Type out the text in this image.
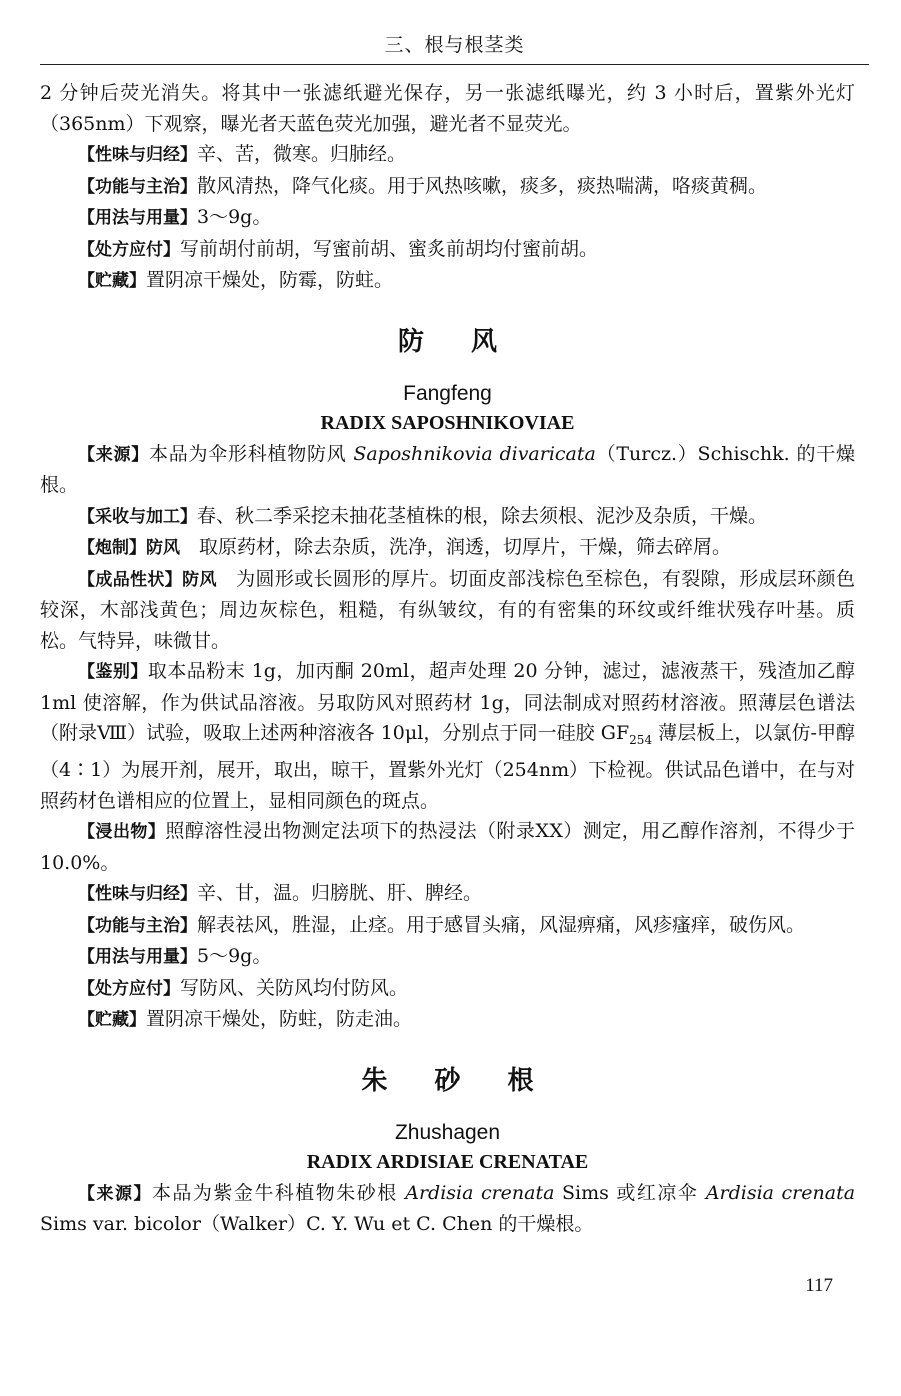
三、根与根茎类

2 分钟后荧光消失。将其中一张滤纸避光保存，另一张滤纸曝光，约 3 小时后，置紫外光灯（365nm）下观察，曝光者天蓝色荧光加强，避光者不显荧光。

【性味与归经】辛、苦，微寒。归肺经。

【功能与主治】散风清热，降气化痰。用于风热咳嗽，痰多，痰热喘满，咯痰黄稠。

【用法与用量】3～9g。

【处方应付】写前胡付前胡，写蜜前胡、蜜炙前胡均付蜜前胡。

【贮藏】置阴凉干燥处，防霉，防蛀。

防 风
Fangfeng
RADIX SAPOSHNIKOVIAE

【来源】本品为伞形科植物防风 Saposhnikovia divaricata（Turcz.）Schischk. 的干燥根。

【采收与加工】春、秋二季采挖未抽花茎植株的根，除去须根、泥沙及杂质，干燥。

【炮制】防风　取原药材，除去杂质，洗净，润透，切厚片，干燥，筛去碎屑。

【成品性状】防风　为圆形或长圆形的厚片。切面皮部浅棕色至棕色，有裂隙，形成层环颜色较深，木部浅黄色；周边灰棕色，粗糙，有纵皱纹，有的有密集的环纹或纤维状残存叶基。质松。气特异，味微甘。

【鉴别】取本品粉末 1g，加丙酮 20ml，超声处理 20 分钟，滤过，滤液蒸干，残渣加乙醇 1ml 使溶解，作为供试品溶液。另取防风对照药材 1g，同法制成对照药材溶液。照薄层色谱法（附录Ⅷ）试验，吸取上述两种溶液各 10μl，分别点于同一硅胶 $GF_{254}$ 薄层板上，以氯仿-甲醇（4∶1）为展开剂，展开，取出，晾干，置紫外光灯（254nm）下检视。供试品色谱中，在与对照药材色谱相应的位置上，显相同颜色的斑点。

【浸出物】照醇溶性浸出物测定法项下的热浸法（附录ⅩⅩ）测定，用乙醇作溶剂，不得少于 10.0%。

【性味与归经】辛、甘，温。归膀胱、肝、脾经。

【功能与主治】解表祛风，胜湿，止痉。用于感冒头痛，风湿痹痛，风疹瘙痒，破伤风。

【用法与用量】5～9g。

【处方应付】写防风、关防风均付防风。

【贮藏】置阴凉干燥处，防蛀，防走油。

朱 砂 根
Zhushagen
RADIX ARDISIAE CRENATAE

【来源】本品为紫金牛科植物朱砂根 Ardisia crenata Sims 或红凉伞 Ardisia crenata Sims var. bicolor（Walker）C. Y. Wu et C. Chen 的干燥根。

117
